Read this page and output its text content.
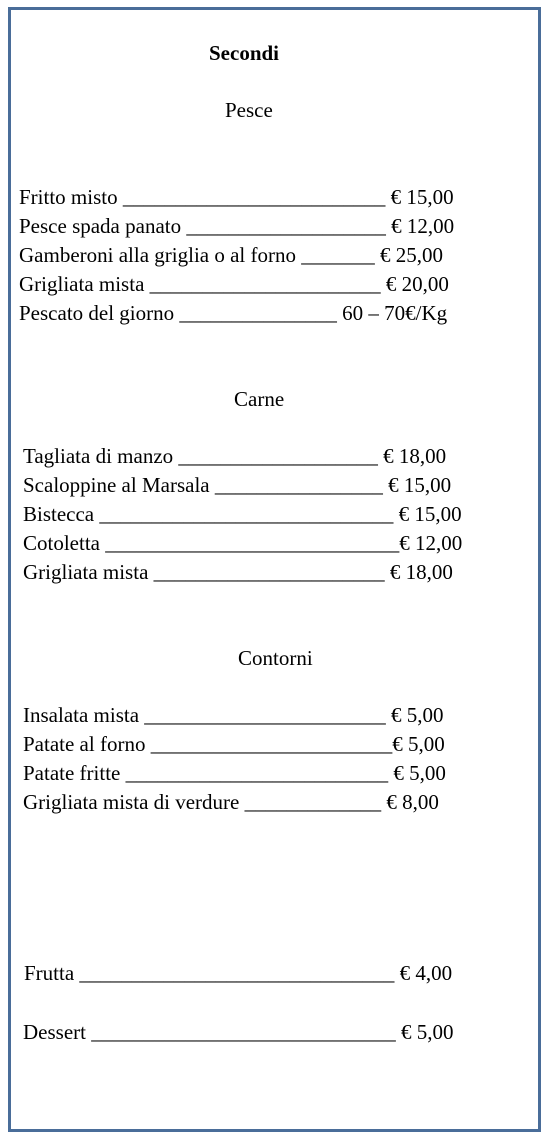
Secondi
Pesce
Fritto misto _________________________ € 15,00
Pesce spada panato ___________________ € 12,00
Gamberoni alla griglia o al forno _______ € 25,00
Grigliata mista ______________________ € 20,00
Pescato del giorno _______________ 60 – 70€/Kg
Carne
Tagliata di manzo ___________________ € 18,00
Scaloppine al Marsala ________________ € 15,00
Bistecca ____________________________ € 15,00
Cotoletta ____________________________€ 12,00
Grigliata mista ______________________ € 18,00
Contorni
Insalata mista _______________________ € 5,00
Patate al forno _______________________€ 5,00
Patate fritte _________________________ € 5,00
Grigliata mista di verdure _____________ € 8,00
Frutta ______________________________ € 4,00
Dessert _____________________________ € 5,00
